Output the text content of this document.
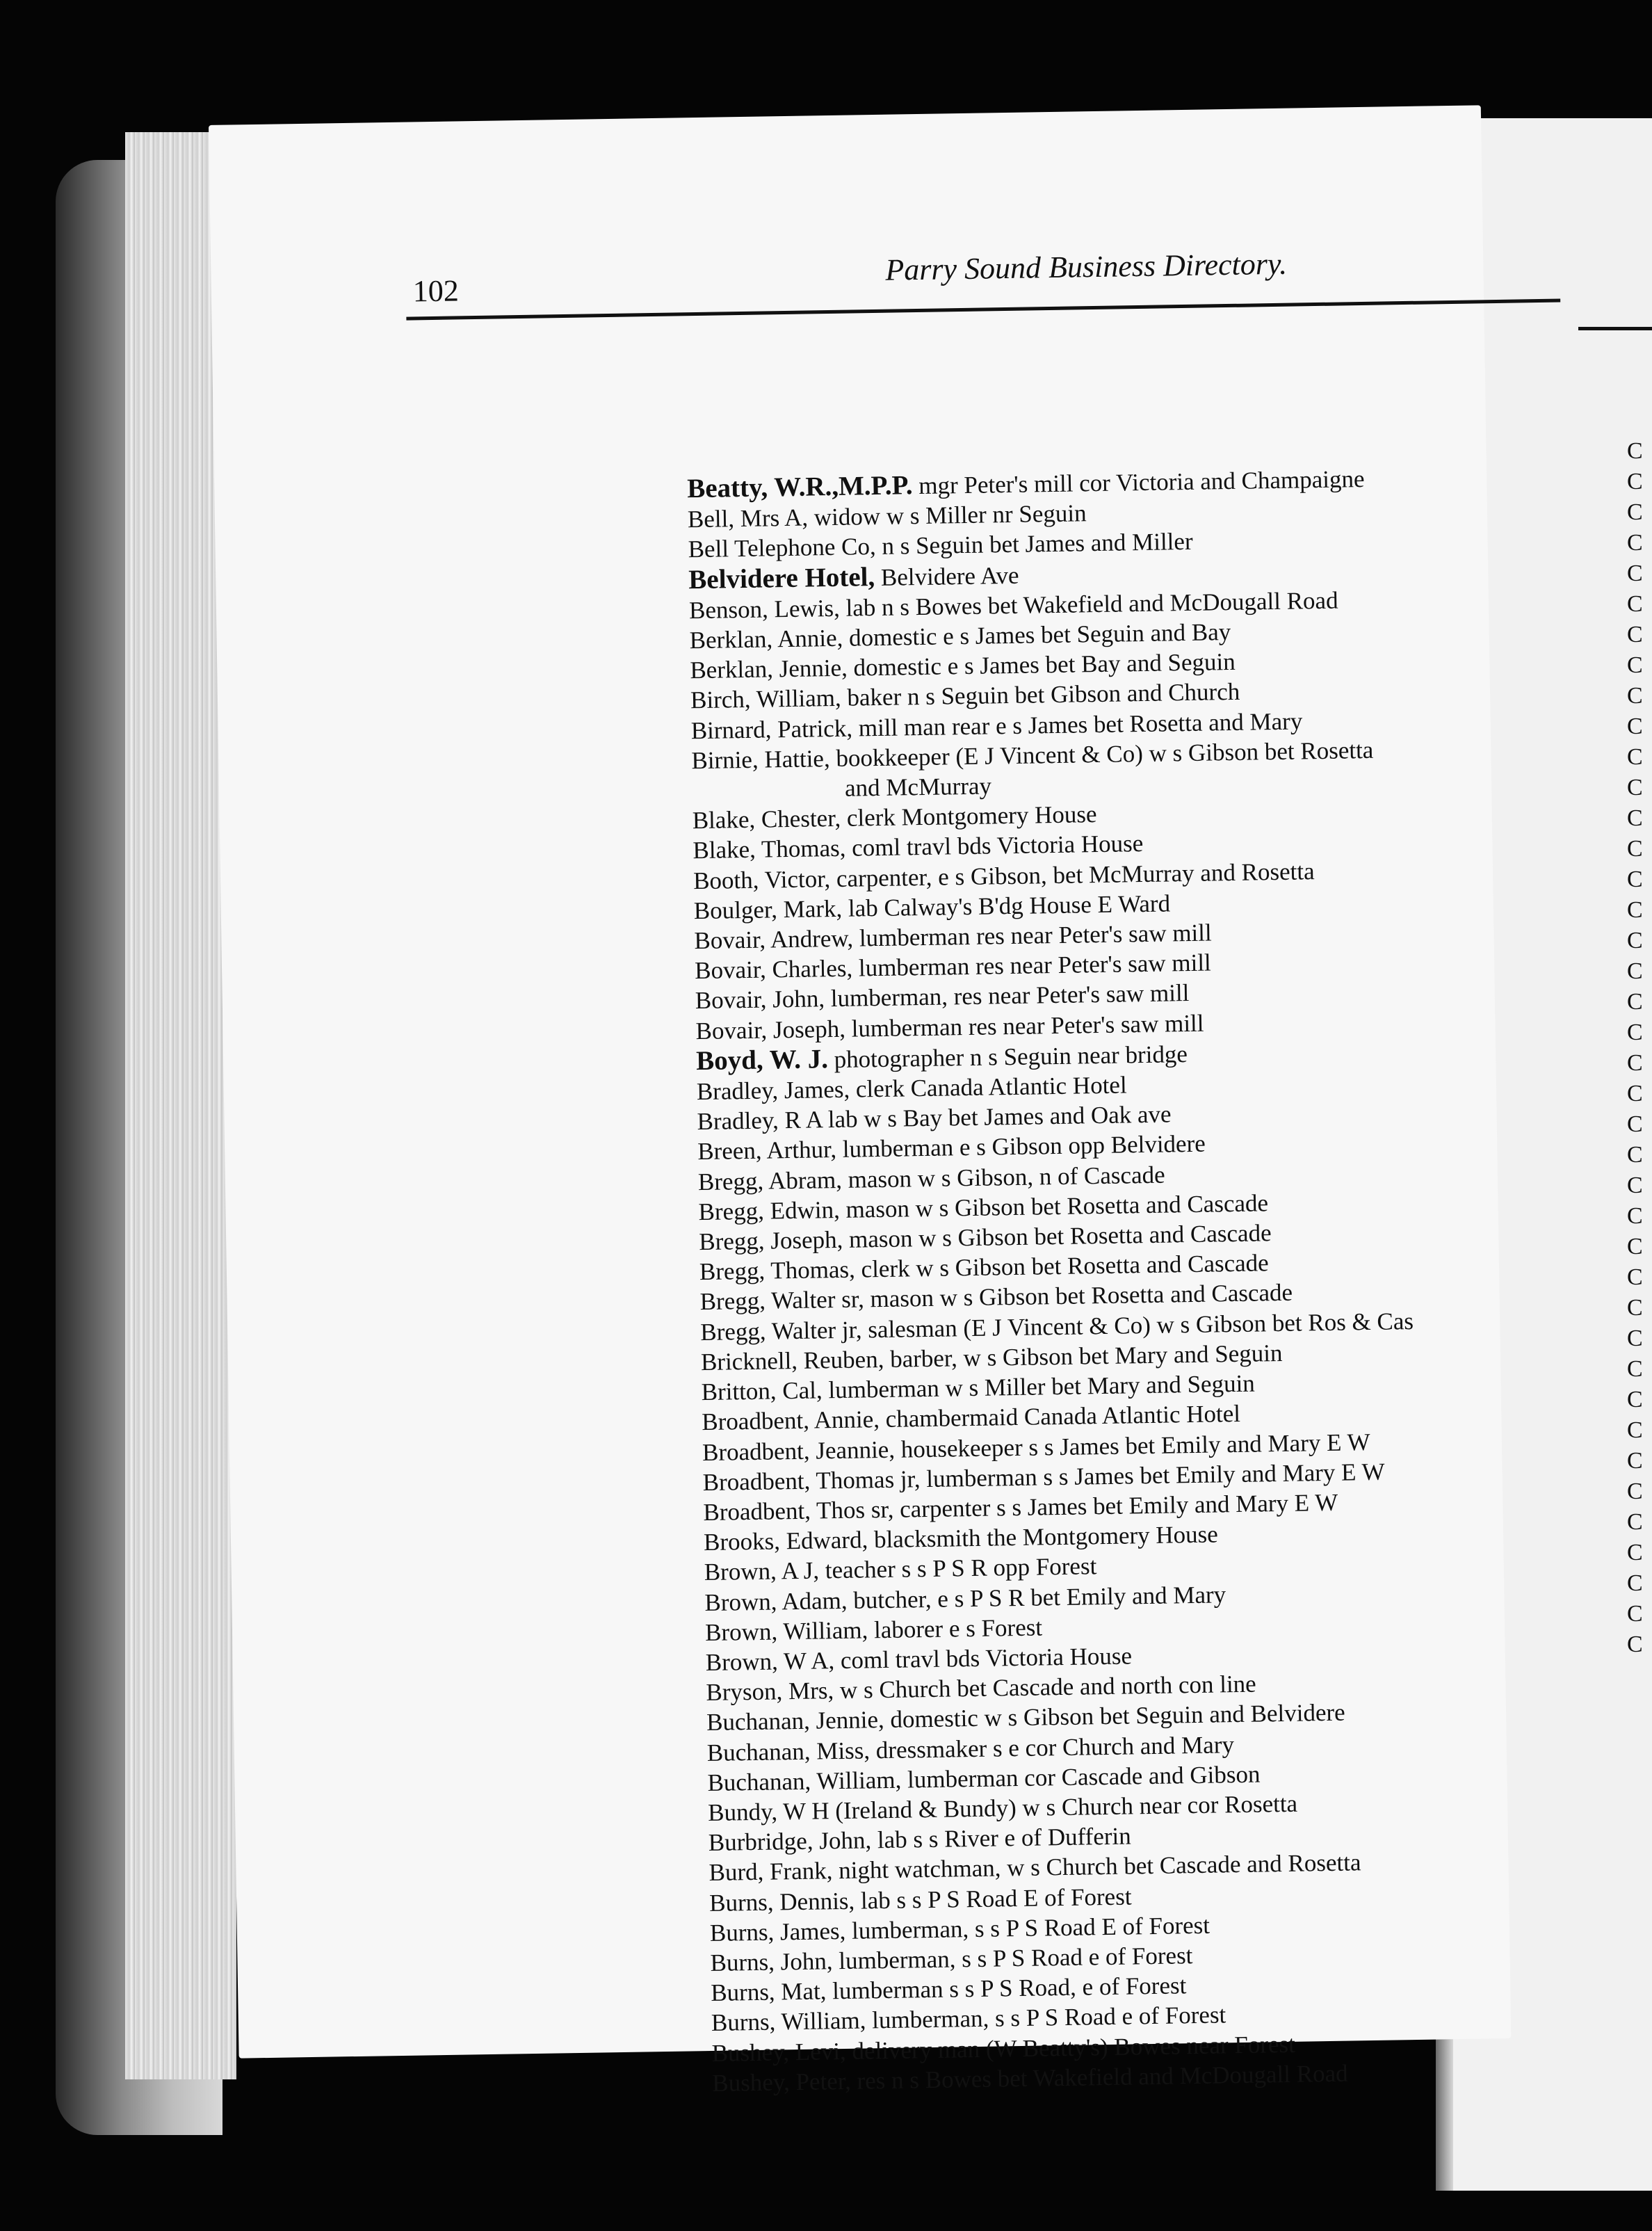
C
C
C
C
C
C
C
C
C
C
C
C
C
C
C
C
C
C
C
C
C
C
C
C
C
C
C
C
C
C
C
C
C
C
C
C
C
C
C
C
102
Parry Sound Business Directory.
Beatty, W.R.,M.P.P. mgr Peter's mill cor Victoria and Champaigne
Bell, Mrs A, widow w s Miller nr Seguin
Bell Telephone Co, n s Seguin bet James and Miller
Belvidere Hotel, Belvidere Ave
Benson, Lewis, lab n s Bowes bet Wakefield and McDougall Road
Berklan, Annie, domestic e s James bet Seguin and Bay
Berklan, Jennie, domestic e s James bet Bay and Seguin
Birch, William, baker n s Seguin bet Gibson and Church
Birnard, Patrick, mill man rear e s James bet Rosetta and Mary
Birnie, Hattie, bookkeeper (E J Vincent & Co) w s Gibson bet Rosetta
and McMurray
Blake, Chester, clerk Montgomery House
Blake, Thomas, coml travl bds Victoria House
Booth, Victor, carpenter, e s Gibson, bet McMurray and Rosetta
Boulger, Mark, lab Calway's B'dg House E Ward
Bovair, Andrew, lumberman res near Peter's saw mill
Bovair, Charles, lumberman res near Peter's saw mill
Bovair, John, lumberman, res near Peter's saw mill
Bovair, Joseph, lumberman res near Peter's saw mill
Boyd, W. J. photographer n s Seguin near bridge
Bradley, James, clerk Canada Atlantic Hotel
Bradley, R A lab w s Bay bet James and Oak ave
Breen, Arthur, lumberman e s Gibson opp Belvidere
Bregg, Abram, mason w s Gibson, n of Cascade
Bregg, Edwin, mason w s Gibson bet Rosetta and Cascade
Bregg, Joseph, mason w s Gibson bet Rosetta and Cascade
Bregg, Thomas, clerk w s Gibson bet Rosetta and Cascade
Bregg, Walter sr, mason w s Gibson bet Rosetta and Cascade
Bregg, Walter jr, salesman (E J Vincent & Co) w s Gibson bet Ros & Cas
Bricknell, Reuben, barber, w s Gibson bet Mary and Seguin
Britton, Cal, lumberman w s Miller bet Mary and Seguin
Broadbent, Annie, chambermaid Canada Atlantic Hotel
Broadbent, Jeannie, housekeeper s s James bet Emily and Mary E W
Broadbent, Thomas jr, lumberman s s James bet Emily and Mary E W
Broadbent, Thos sr, carpenter s s James bet Emily and Mary E W
Brooks, Edward, blacksmith the Montgomery House
Brown, A J, teacher s s P S R opp Forest
Brown, Adam, butcher, e s P S R bet Emily and Mary
Brown, William, laborer e s Forest
Brown, W A, coml travl bds Victoria House
Bryson, Mrs, w s Church bet Cascade and north con line
Buchanan, Jennie, domestic w s Gibson bet Seguin and Belvidere
Buchanan, Miss, dressmaker s e cor Church and Mary
Buchanan, William, lumberman cor Cascade and Gibson
Bundy, W H (Ireland & Bundy) w s Church near cor Rosetta
Burbridge, John, lab s s River e of Dufferin
Burd, Frank, night watchman, w s Church bet Cascade and Rosetta
Burns, Dennis, lab s s P S Road E of Forest
Burns, James, lumberman, s s P S Road E of Forest
Burns, John, lumberman, s s P S Road e of Forest
Burns, Mat, lumberman s s P S Road, e of Forest
Burns, William, lumberman, s s P S Road e of Forest
Bushey, Levi, delivery man (W Beatty's) Bowes near Forest
Bushey, Peter, res n s Bowes bet Wakefield and McDougall Road
